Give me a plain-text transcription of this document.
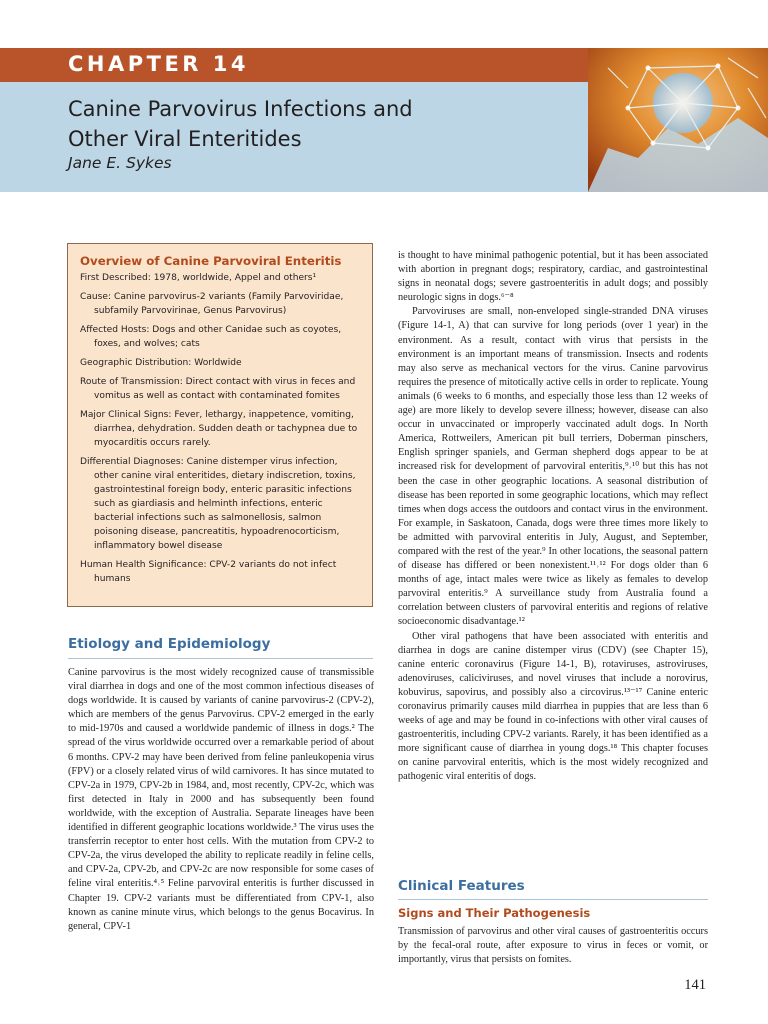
CHAPTER 14
Canine Parvovirus Infections and
Other Viral Enteritides
Jane E. Sykes
Overview of Canine Parvoviral Enteritis
First Described: 1978, worldwide, Appel and others¹
Cause: Canine parvovirus-2 variants (Family Parvoviridae, subfamily Parvovirinae, Genus Parvovirus)
Affected Hosts: Dogs and other Canidae such as coyotes, foxes, and wolves; cats
Geographic Distribution: Worldwide
Route of Transmission: Direct contact with virus in feces and vomitus as well as contact with contaminated fomites
Major Clinical Signs: Fever, lethargy, inappetence, vomiting, diarrhea, dehydration. Sudden death or tachypnea due to myocarditis occurs rarely.
Differential Diagnoses: Canine distemper virus infection, other canine viral enteritides, dietary indiscretion, toxins, gastrointestinal foreign body, enteric parasitic infections such as giardiasis and helminth infections, enteric bacterial infections such as salmonellosis, salmon poisoning disease, pancreatitis, hypoadrenocorticism, inflammatory bowel disease
Human Health Significance: CPV-2 variants do not infect humans
Etiology and Epidemiology

Canine parvovirus is the most widely recognized cause of transmissible viral diarrhea in dogs and one of the most common infectious diseases of dogs worldwide. It is caused by variants of canine parvovirus-2 (CPV-2), which are members of the genus Parvovirus. CPV-2 emerged in the early to mid-1970s and caused a worldwide pandemic of illness in dogs.² The spread of the virus worldwide occurred over a remarkable period of about 6 months. CPV-2 may have been derived from feline panleukopenia virus (FPV) or a closely related virus of wild carnivores. It has since mutated to CPV-2a in 1979, CPV-2b in 1984, and, most recently, CPV-2c, which was first detected in Italy in 2000 and has subsequently been found worldwide, with the exception of Australia. Separate lineages have been identified in different geographic locations worldwide.³ The virus uses the transferrin receptor to enter host cells. With the mutation from CPV-2 to CPV-2a, the virus developed the ability to replicate readily in feline cells, and CPV-2a, CPV-2b, and CPV-2c are now responsible for some cases of feline viral enteritis.⁴˒⁵ Feline parvoviral enteritis is further discussed in Chapter 19. CPV-2 variants must be differentiated from CPV-1, also known as canine minute virus, which belongs to the genus Bocavirus. In general, CPV-1

is thought to have minimal pathogenic potential, but it has been associated with abortion in pregnant dogs; respiratory, cardiac, and gastrointestinal signs in neonatal dogs; severe gastroenteritis in adult dogs; and possibly neurologic signs in dogs.⁶⁻⁸

Parvoviruses are small, non-enveloped single-stranded DNA viruses (Figure 14-1, A) that can survive for long periods (over 1 year) in the environment. As a result, contact with virus that persists in the environment is an important means of transmission. Insects and rodents may also serve as mechanical vectors for the virus. Canine parvovirus requires the presence of mitotically active cells in order to replicate. Young animals (6 weeks to 6 months, and especially those less than 12 weeks of age) are more likely to develop severe illness; however, disease can also occur in unvaccinated or improperly vaccinated adult dogs. In North America, Rottweilers, American pit bull terriers, Doberman pinschers, English springer spaniels, and German shepherd dogs appear to be at increased risk for development of parvoviral enteritis,⁹˒¹⁰ but this has not been the case in other geographic locations. A seasonal distribution of disease has been reported in some geographic locations, which may reflect times when dogs access the outdoors and contact virus in the environment. For example, in Saskatoon, Canada, dogs were three times more likely to be admitted with parvoviral enteritis in July, August, and September, compared with the rest of the year.⁹ In other locations, the seasonal pattern of disease has differed or been nonexistent.¹¹˒¹² For dogs older than 6 months of age, intact males were twice as likely as females to develop parvoviral enteritis.⁹ A surveillance study from Australia found a correlation between clusters of parvoviral enteritis and regions of relative socioeconomic disadvantage.¹²

Other viral pathogens that have been associated with enteritis and diarrhea in dogs are canine distemper virus (CDV) (see Chapter 15), canine enteric coronavirus (Figure 14-1, B), rotaviruses, astroviruses, adenoviruses, caliciviruses, and novel viruses that include a norovirus, kobuvirus, sapovirus, and possibly also a circovirus.¹³⁻¹⁷ Canine enteric coronavirus primarily causes mild diarrhea in puppies that are less than 6 weeks of age and may be found in co-infections with other viral causes of gastroenteritis, including CPV-2 variants. Rarely, it has been identified as a more significant cause of diarrhea in young dogs.¹⁸ This chapter focuses on canine parvoviral enteritis, which is the most widely recognized and pathogenic viral enteritis of dogs.

Clinical Features
Signs and Their Pathogenesis

Transmission of parvovirus and other viral causes of gastroenteritis occurs by the fecal-oral route, after exposure to virus in feces or vomit, or importantly, virus that persists on fomites.

141
